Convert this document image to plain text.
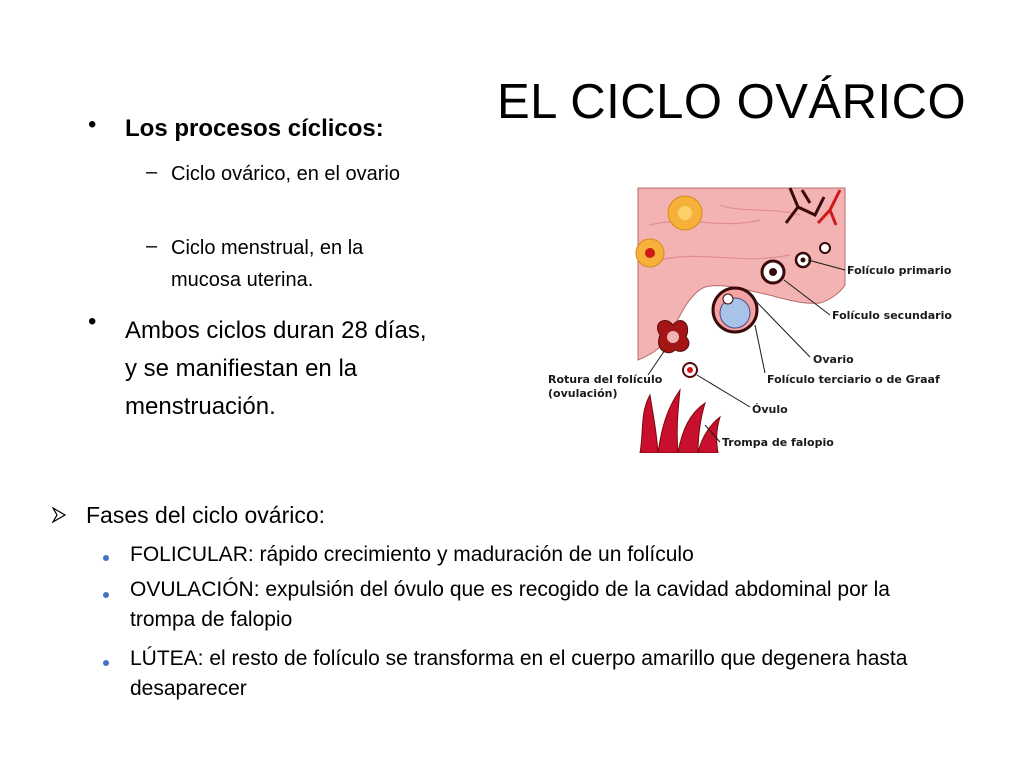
EL CICLO OVÁRICO
• Los procesos cíclicos:

– Ciclo ovárico, en el ovario

– Ciclo menstrual, en la mucosa uterina.

• Ambos ciclos duran 28 días, y se manifiestan en la menstruación.

Folículo primario
Folículo secundario
Ovario
Folículo terciario o de Graaf
Rotura del folículo
(ovulación)
Óvulo
Trompa de falopio

Fases del ciclo ovárico:

FOLICULAR: rápido crecimiento y maduración de un folículo

OVULACIÓN: expulsión del óvulo que es recogido de la cavidad abdominal por la trompa de falopio

LÚTEA: el resto de folículo se transforma en el cuerpo amarillo que degenera hasta desaparecer
